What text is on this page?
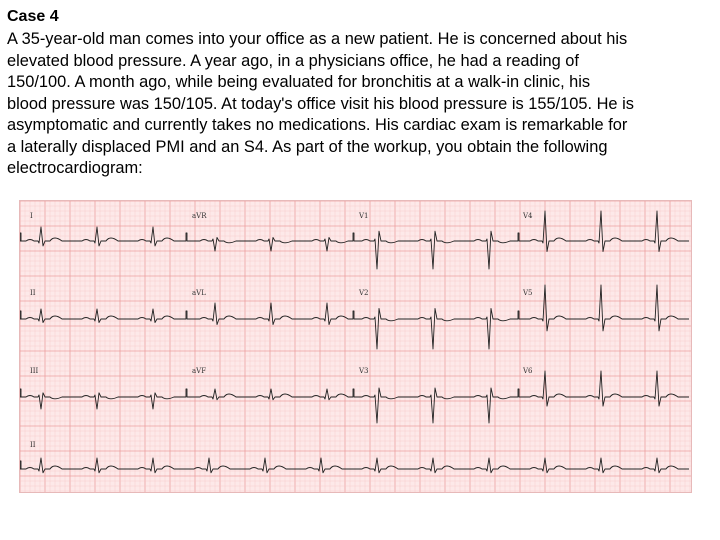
Case 4

A 35-year-old man comes into your office as a new patient. He is concerned about his
elevated blood pressure. A year ago, in a physicians office, he had a reading of
150/100. A month ago, while being evaluated for bronchitis at a walk-in clinic, his
blood pressure was 150/105. At today's office visit his blood pressure is 155/105. He is
asymptomatic and currently takes no medications. His cardiac exam is remarkable for
a laterally displaced PMI and an S4. As part of the workup, you obtain the following
electrocardiogram:

I	aVR	V1	V4
II	aVL	V2	V5
III	aVF	V3	V6
II
